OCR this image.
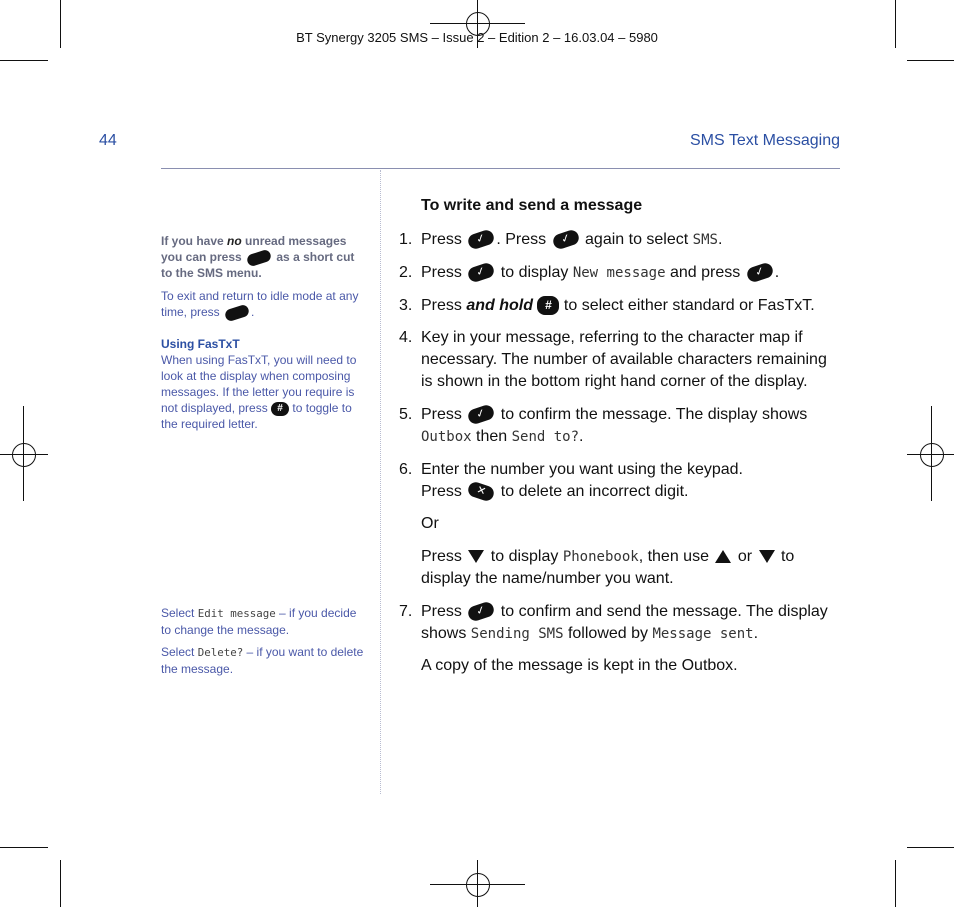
BT Synergy 3205 SMS – Issue 2 – Edition 2 – 16.03.04 – 5980
44	SMS Text Messaging
If you have no unread messages you can press  as a short cut to the SMS menu.
To exit and return to idle mode at any time, press .
Using FasTxT
When using FasTxT, you will need to look at the display when composing messages. If the letter you require is not displayed, press # to toggle to the required letter.
Select Edit message – if you decide to change the message.
Select Delete? – if you want to delete the message.
To write and send a message
1. Press ✓ . Press ✓ again to select SMS.
2. Press ✓ to display New message and press ✓ .
3. Press and hold # to select either standard or FasTxT.
4. Key in your message, referring to the character map if necessary. The number of available characters remaining is shown in the bottom right hand corner of the display.
5. Press ✓ to confirm the message. The display shows Outbox then Send to?.
6. Enter the number you want using the keypad.
Press ✕ to delete an incorrect digit.
Or
Press  to display Phonebook, then use  or  to display the name/number you want.
7. Press ✓ to confirm and send the message. The display shows Sending SMS followed by Message sent.
A copy of the message is kept in the Outbox.
